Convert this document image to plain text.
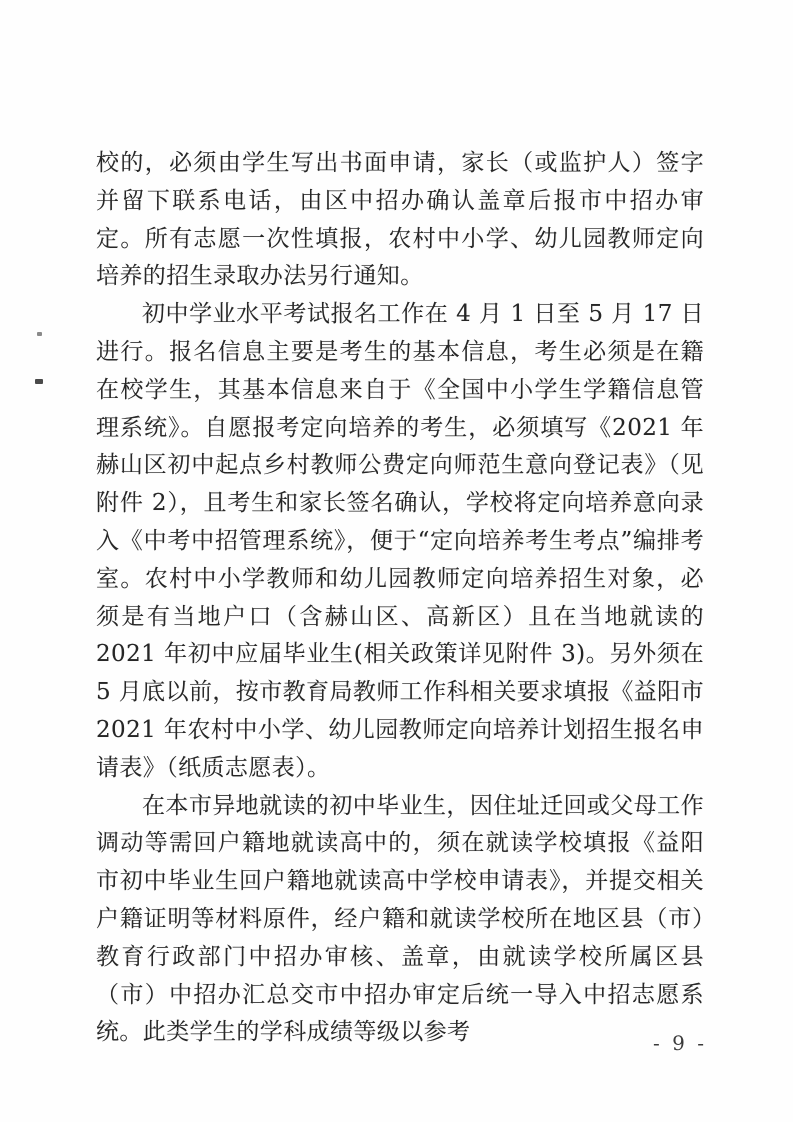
校的，必须由学生写出书面申请，家长（或监护人）签字并留下联系电话，由区中招办确认盖章后报市中招办审定。所有志愿一次性填报，农村中小学、幼儿园教师定向培养的招生录取办法另行通知。

初中学业水平考试报名工作在 4 月 1 日至 5 月 17 日进行。报名信息主要是考生的基本信息，考生必须是在籍在校学生，其基本信息来自于《全国中小学生学籍信息管理系统》。自愿报考定向培养的考生，必须填写《2021 年赫山区初中起点乡村教师公费定向师范生意向登记表》（见附件 2），且考生和家长签名确认，学校将定向培养意向录入《中考中招管理系统》，便于“定向培养考生考点”编排考室。农村中小学教师和幼儿园教师定向培养招生对象，必须是有当地户口（含赫山区、高新区）且在当地就读的 2021 年初中应届毕业生(相关政策详见附件 3)。另外须在 5 月底以前，按市教育局教师工作科相关要求填报《益阳市 2021 年农村中小学、幼儿园教师定向培养计划招生报名申请表》（纸质志愿表）。

在本市异地就读的初中毕业生，因住址迁回或父母工作调动等需回户籍地就读高中的，须在就读学校填报《益阳市初中毕业生回户籍地就读高中学校申请表》，并提交相关户籍证明等材料原件，经户籍和就读学校所在地区县（市）教育行政部门中招办审核、盖章，由就读学校所属区县（市）中招办汇总交市中招办审定后统一导入中招志愿系统。此类学生的学科成绩等级以参考	- 9 -
